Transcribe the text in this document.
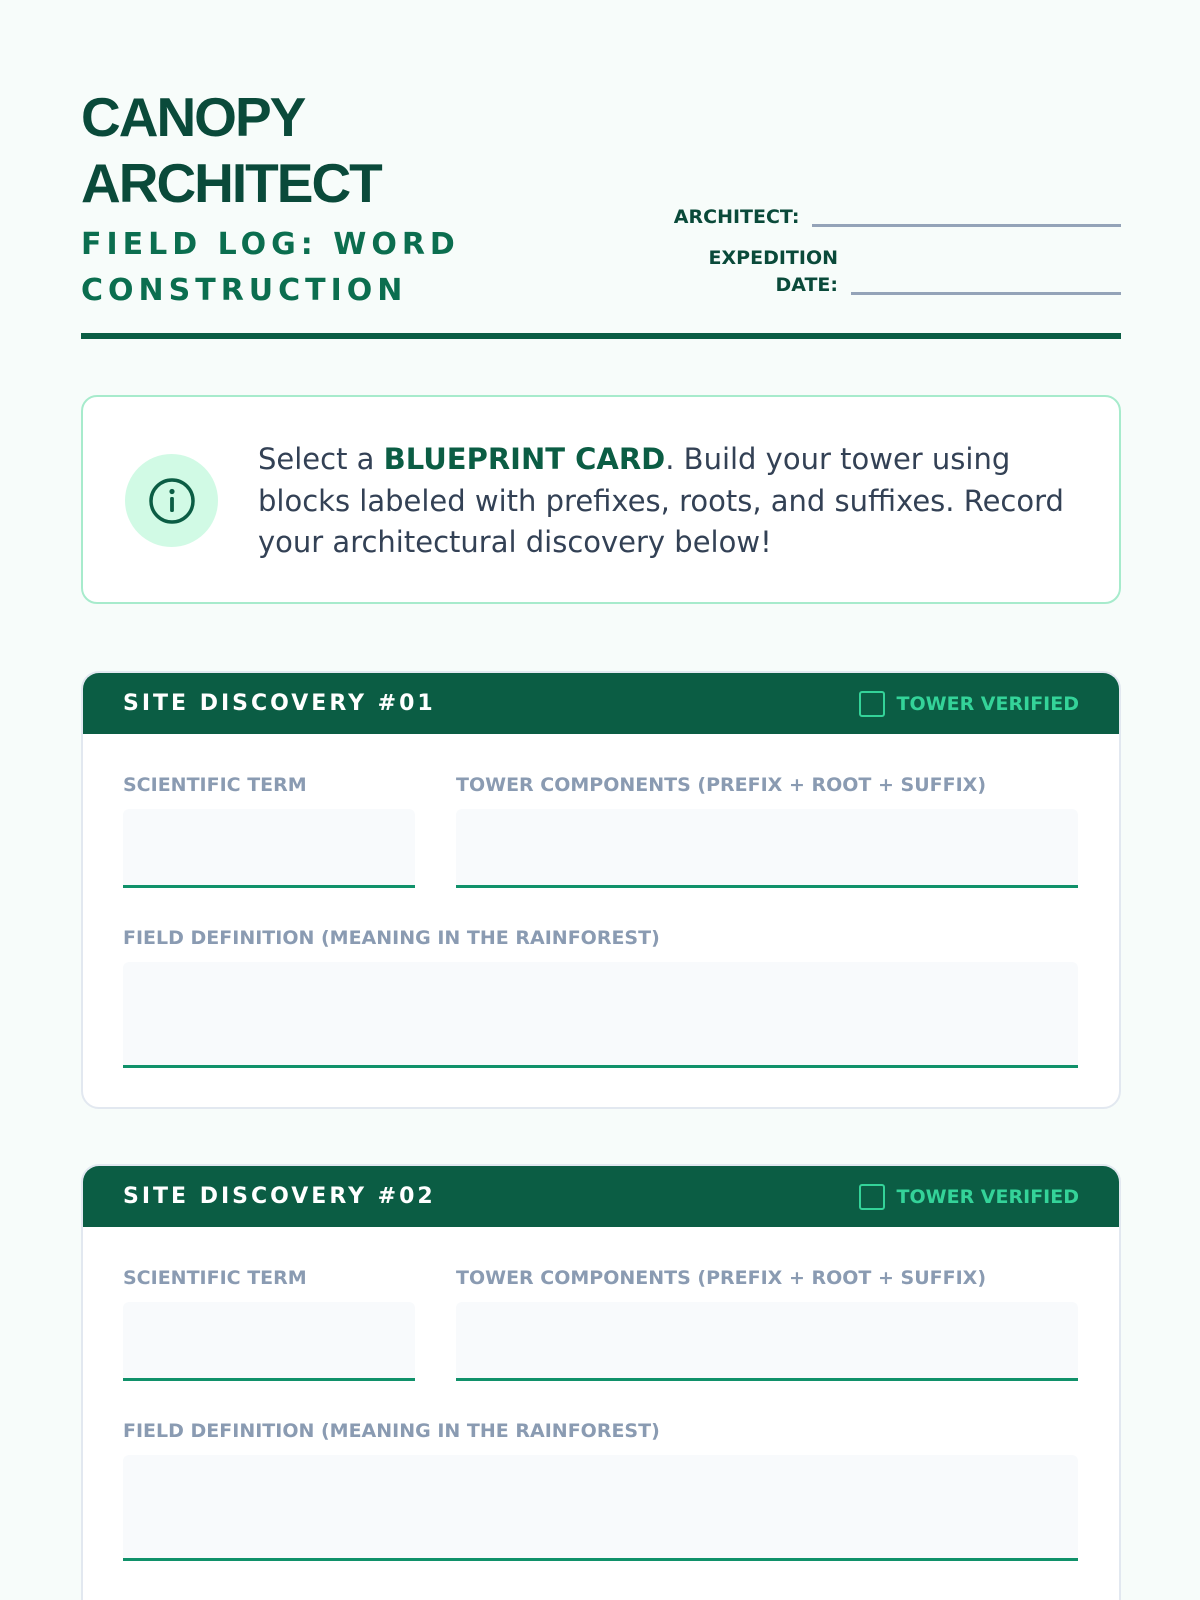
CANOPY
ARCHITECT
FIELD LOG: WORD CONSTRUCTION
ARCHITECT:
EXPEDITION
DATE:

Select a BLUEPRINT CARD. Build your tower using blocks labeled with prefixes, roots, and suffixes. Record your architectural discovery below!

SITE DISCOVERY #01	TOWER VERIFIED
SCIENTIFIC TERM	TOWER COMPONENTS (PREFIX + ROOT + SUFFIX)
FIELD DEFINITION (MEANING IN THE RAINFOREST)
SITE DISCOVERY #02	TOWER VERIFIED
SCIENTIFIC TERM	TOWER COMPONENTS (PREFIX + ROOT + SUFFIX)
FIELD DEFINITION (MEANING IN THE RAINFOREST)
